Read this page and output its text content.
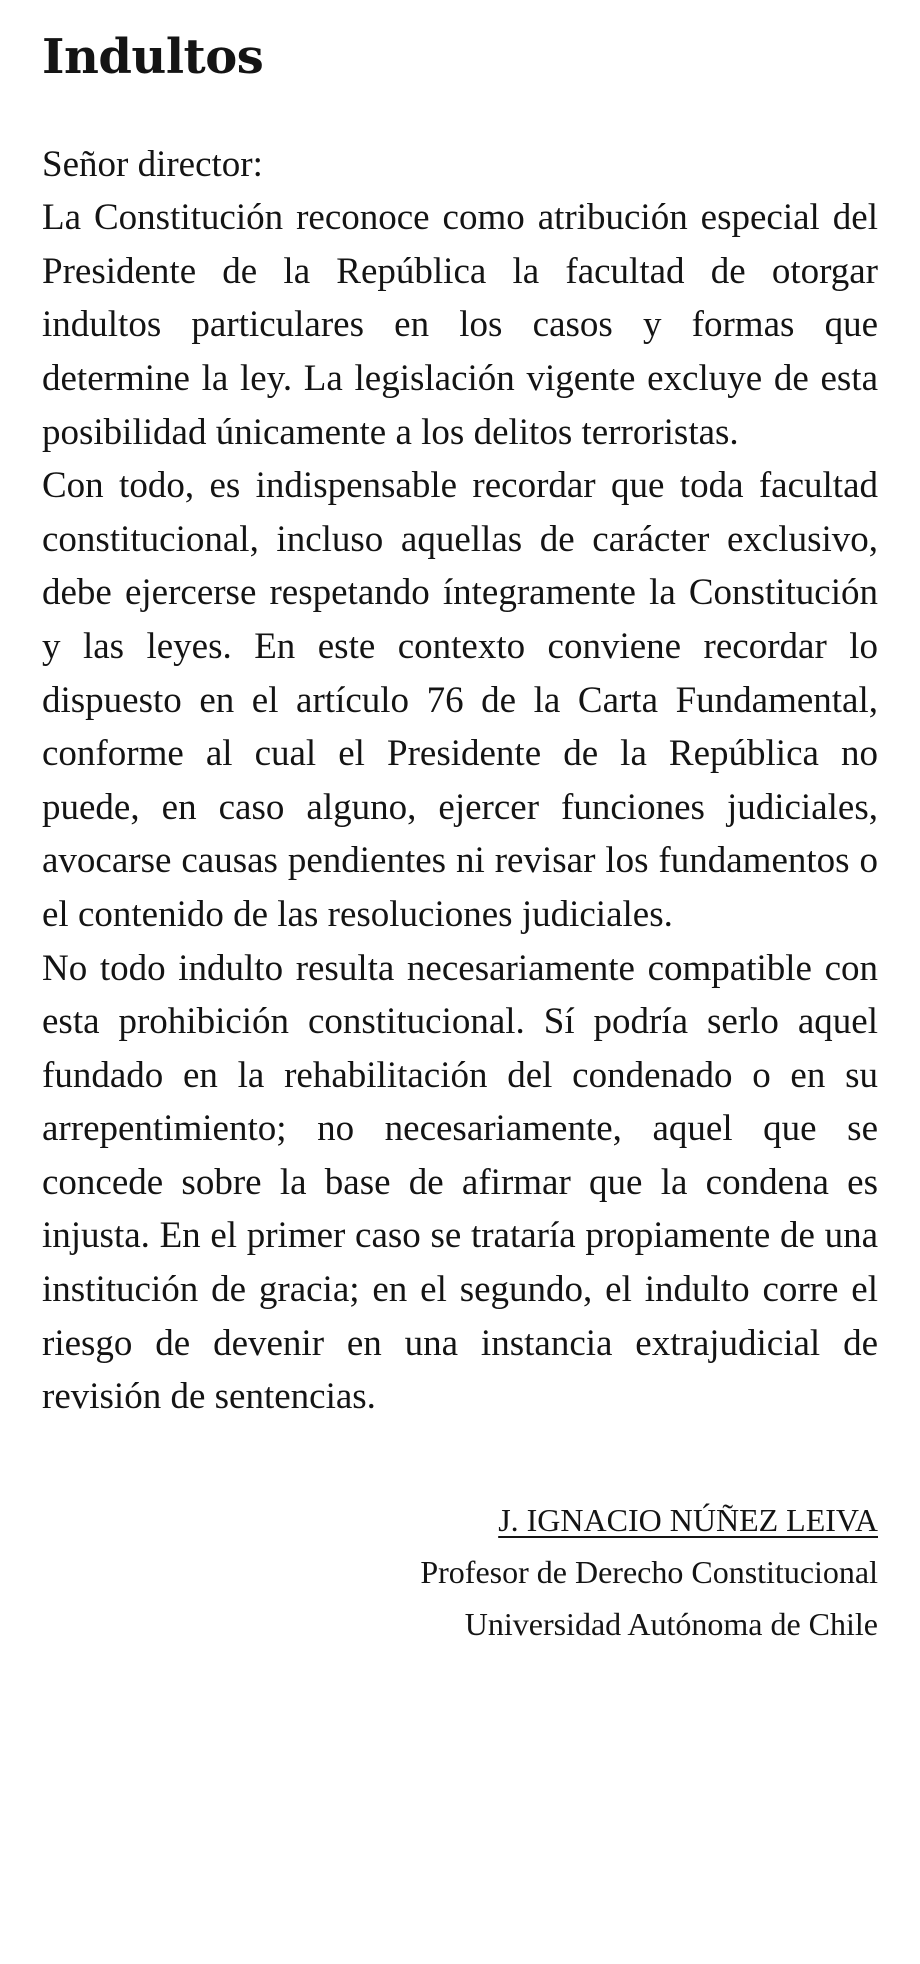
Indultos

Señor director:

La Constitución reconoce como atribución especial del Presidente de la República la facultad de otorgar indultos particulares en los casos y formas que determine la ley. La legislación vigente excluye de esta posibilidad únicamente a los delitos terroristas.

Con todo, es indispensable recordar que toda facultad constitucional, incluso aquellas de carácter exclusivo, debe ejercerse respetando íntegramente la Constitución y las leyes. En este contexto conviene recordar lo dispuesto en el artículo 76 de la Carta Fundamental, conforme al cual el Presidente de la República no puede, en caso alguno, ejercer funciones judiciales, avocarse causas pendientes ni revisar los fundamentos o el contenido de las resoluciones judiciales.

No todo indulto resulta necesariamente compatible con esta prohibición constitucional. Sí podría serlo aquel fundado en la rehabilitación del condenado o en su arrepentimiento; no necesariamente, aquel que se concede sobre la base de afirmar que la condena es injusta. En el primer caso se trataría propiamente de una institución de gracia; en el segundo, el indulto corre el riesgo de devenir en una instancia extrajudicial de revisión de sentencias.

J. IGNACIO NÚÑEZ LEIVA
Profesor de Derecho Constitucional
Universidad Autónoma de Chile
